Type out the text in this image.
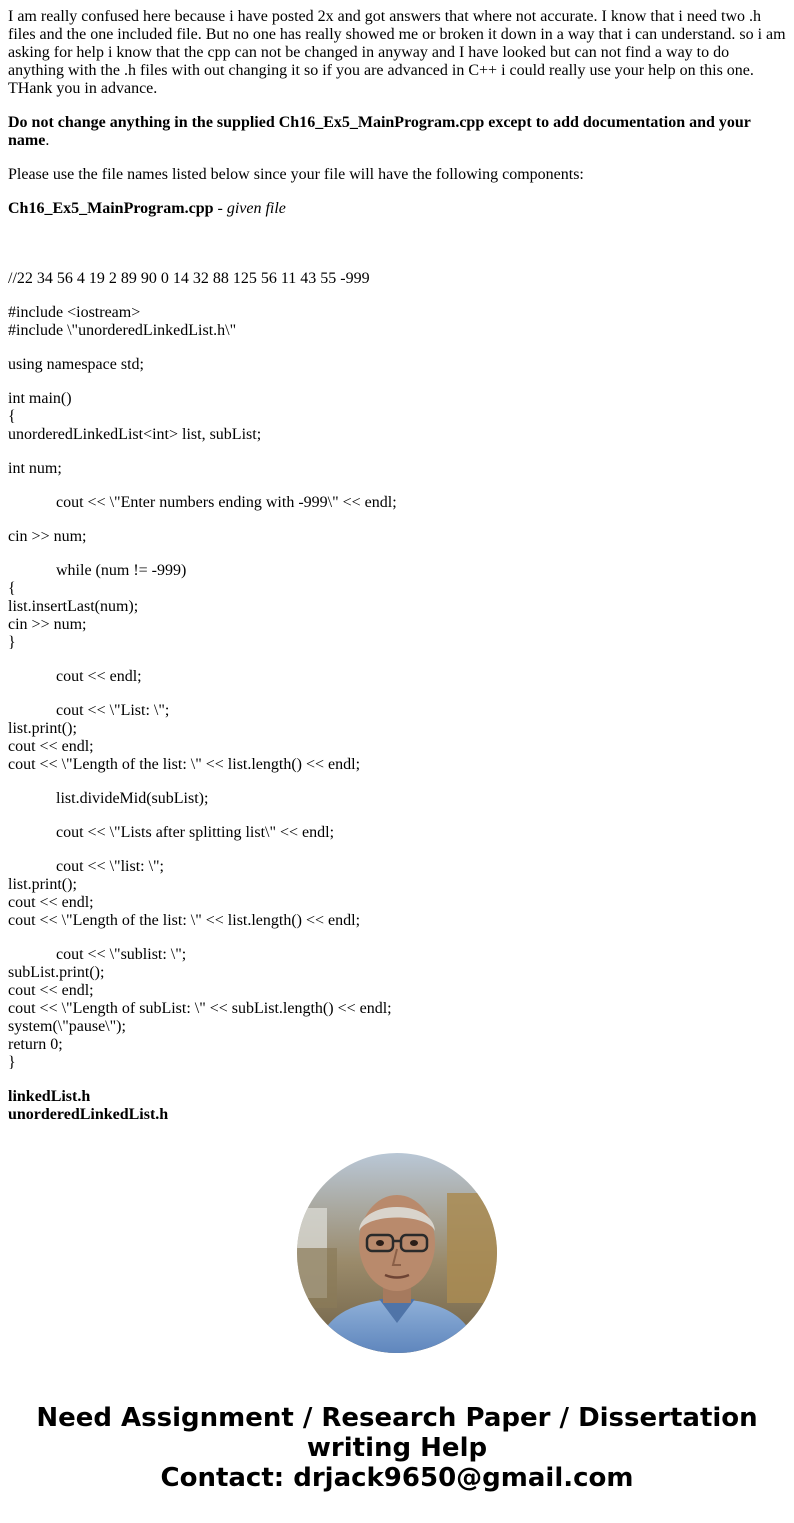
I am really confused here because i have posted 2x and got answers that where not accurate. I know that i need two .h files and the one included file. But no one has really showed me or broken it down in a way that i can understand. so i am asking for help i know that the cpp can not be changed in anyway and I have looked but can not find a way to do anything with the .h files with out changing it so if you are advanced in C++ i could really use your help on this one. THank you in advance.

Do not change anything in the supplied Ch16_Ex5_MainProgram.cpp except to add documentation and your name.

Please use the file names listed below since your file will have the following components:

Ch16_Ex5_MainProgram.cpp - given file

//22 34 56 4 19 2 89 90 0 14 32 88 125 56 11 43 55 -999
#include <iostream>
#include \"unorderedLinkedList.h\"
using namespace std;
int main()
{
unorderedLinkedList<int> list, subList;
int num;
cout << \"Enter numbers ending with -999\" << endl;
cin >> num;
while (num != -999)
{
list.insertLast(num);
cin >> num;
}
cout << endl;
cout << \"List: \";
list.print();
cout << endl;
cout << \"Length of the list: \" << list.length() << endl;
list.divideMid(subList);
cout << \"Lists after splitting list\" << endl;
cout << \"list: \";
list.print();
cout << endl;
cout << \"Length of the list: \" << list.length() << endl;
cout << \"sublist: \";
subList.print();
cout << endl;
cout << \"Length of subList: \" << subList.length() << endl;
system(\"pause\");
return 0;
}
linkedList.h
unorderedLinkedList.h
Need Assignment / Research Paper / Dissertation
writing Help
Contact: drjack9650@gmail.com
